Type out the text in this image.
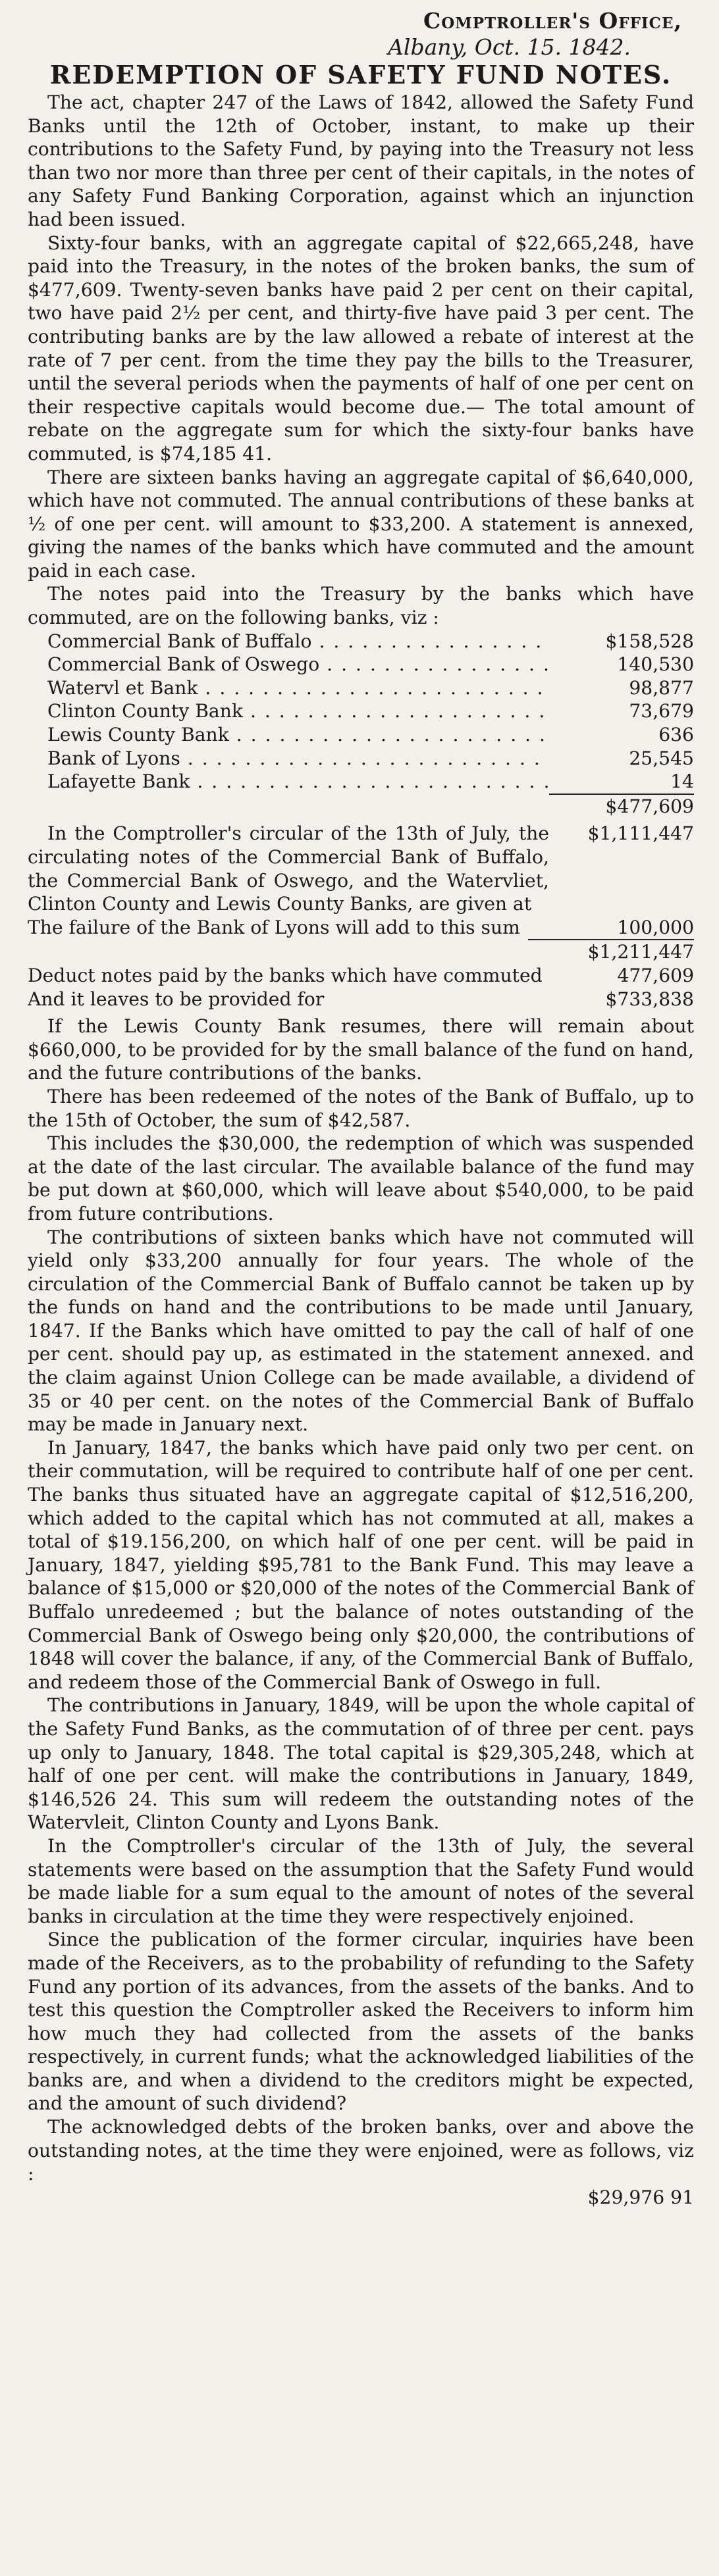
Comptroller's Office,
Albany, Oct. 15. 1842.
REDEMPTION OF SAFETY FUND NOTES.

The act, chapter 247 of the Laws of 1842, allowed the Safety Fund Banks until the 12th of October, instant, to make up their contributions to the Safety Fund, by paying into the Treasury not less than two nor more than three per cent of their capitals, in the notes of any Safety Fund Banking Corporation, against which an injunction had been issued.

Sixty-four banks, with an aggregate capital of $22,665,248, have paid into the Treasury, in the notes of the broken banks, the sum of $477,609. Twenty-seven banks have paid 2 per cent on their capital, two have paid 2½ per cent, and thirty-five have paid 3 per cent. The contributing banks are by the law allowed a rebate of interest at the rate of 7 per cent. from the time they pay the bills to the Treasurer, until the several periods when the payments of half of one per cent on their respective capitals would become due.— The total amount of rebate on the aggregate sum for which the sixty-four banks have commuted, is $74,185 41.

There are sixteen banks having an aggregate capital of $6,640,000, which have not commuted. The annual contributions of these banks at ½ of one per cent. will amount to $33,200. A statement is annexed, giving the names of the banks which have commuted and the amount paid in each case.

The notes paid into the Treasury by the banks which have commuted, are on the following banks, viz :

Commercial Bank of Buffalo . . .	$158,528
Commercial Bank of Oswego . . .	140,530
Watervl et Bank . . .	98,877
Clinton County Bank . . .	73,679
Lewis County Bank . . .	636
Bank of Lyons . . .	25,545
Lafayette Bank . . .	14
$477,609
In the Comptroller's circular of the 13th of July, the circulating notes of the Commercial Bank of Buffalo, the Commercial Bank of Oswego, and the Watervliet, Clinton County and Lewis County Banks, are given at
$1,111,447
The failure of the Bank of Lyons will add to this sum	100,000
$1,211,447
Deduct notes paid by the banks which have commuted	477,609
And it leaves to be provided for	$733,838

If the Lewis County Bank resumes, there will remain about $660,000, to be provided for by the small balance of the fund on hand, and the future contributions of the banks.

There has been redeemed of the notes of the Bank of Buffalo, up to the 15th of October, the sum of $42,587.

This includes the $30,000, the redemption of which was suspended at the date of the last circular. The available balance of the fund may be put down at $60,000, which will leave about $540,000, to be paid from future contributions.

The contributions of sixteen banks which have not commuted will yield only $33,200 annually for four years. The whole of the circulation of the Commercial Bank of Buffalo cannot be taken up by the funds on hand and the contributions to be made until January, 1847. If the Banks which have omitted to pay the call of half of one per cent. should pay up, as estimated in the statement annexed. and the claim against Union College can be made available, a dividend of 35 or 40 per cent. on the notes of the Commercial Bank of Buffalo may be made in January next.

In January, 1847, the banks which have paid only two per cent. on their commutation, will be required to contribute half of one per cent. The banks thus situated have an aggregate capital of $12,516,200, which added to the capital which has not commuted at all, makes a total of $19.156,200, on which half of one per cent. will be paid in January, 1847, yielding $95,781 to the Bank Fund. This may leave a balance of $15,000 or $20,000 of the notes of the Commercial Bank of Buffalo unredeemed ; but the balance of notes outstanding of the Commercial Bank of Oswego being only $20,000, the contributions of 1848 will cover the balance, if any, of the Commercial Bank of Buffalo, and redeem those of the Commercial Bank of Oswego in full.

The contributions in January, 1849, will be upon the whole capital of the Safety Fund Banks, as the commutation of of three per cent. pays up only to January, 1848. The total capital is $29,305,248, which at half of one per cent. will make the contributions in January, 1849, $146,526 24. This sum will redeem the outstanding notes of the Watervleit, Clinton County and Lyons Bank.

In the Comptroller's circular of the 13th of July, the several statements were based on the assumption that the Safety Fund would be made liable for a sum equal to the amount of notes of the several banks in circulation at the time they were respectively enjoined.

Since the publication of the former circular, inquiries have been made of the Receivers, as to the probability of refunding to the Safety Fund any portion of its advances, from the assets of the banks. And to test this question the Comptroller asked the Receivers to inform him how much they had collected from the assets of the banks respectively, in current funds; what the acknowledged liabilities of the banks are, and when a dividend to the creditors might be expected, and the amount of such dividend?

The acknowledged debts of the broken banks, over and above the outstanding notes, at the time they were enjoined, were as follows, viz :

$29,976 91
